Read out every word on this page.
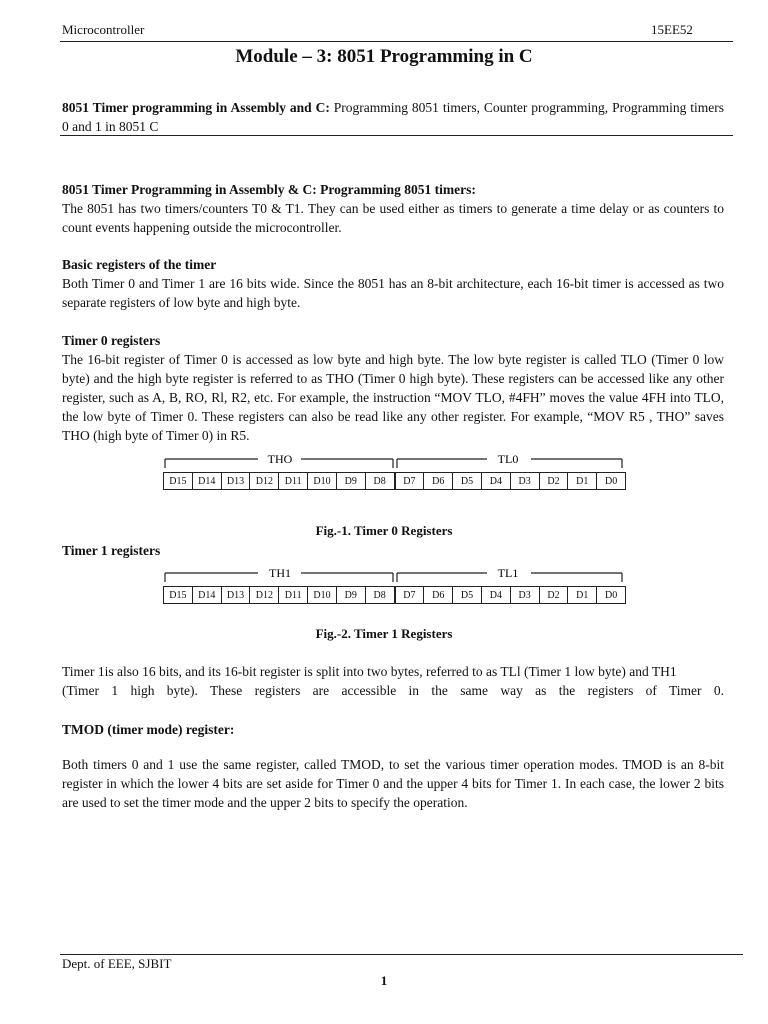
Microcontroller	15EE52
Module – 3: 8051 Programming in C
8051 Timer programming in Assembly and C: Programming 8051 timers, Counter programming, Programming timers 0 and 1 in 8051 C
8051 Timer Programming in Assembly & C: Programming 8051 timers:
The 8051 has two timers/counters T0 & T1. They can be used either as timers to generate a time delay or as counters to count events happening outside the microcontroller.
Basic registers of the timer
Both Timer 0 and Timer 1 are 16 bits wide. Since the 8051 has an 8-bit architecture, each 16-bit timer is accessed as two separate registers of low byte and high byte.
Timer 0 registers
The 16-bit register of Timer 0 is accessed as low byte and high byte. The low byte register is called TLO (Timer 0 low byte) and the high byte register is referred to as THO (Timer 0 high byte). These registers can be accessed like any other register, such as A, B, RO, Rl, R2, etc. For example, the instruction “MOV TLO, #4FH” moves the value 4FH into TLO, the low byte of Timer 0. These registers can also be read like any other register. For example, “MOV R5 , THO” saves THO (high byte of Timer 0) in R5.
THO	TL0
D15	D14	D13	D12	D11	D10	D9	D8	D7	D6	D5	D4	D3	D2	D1	D0
Fig.-1. Timer 0 Registers
Timer 1 registers
TH1	TL1
D15	D14	D13	D12	D11	D10	D9	D8	D7	D6	D5	D4	D3	D2	D1	D0
Fig.-2. Timer 1 Registers
Timer 1is also 16 bits, and its 16-bit register is split into two bytes, referred to as TLl (Timer 1 low byte) and TH1
(Timer 1 high byte). These registers are accessible in the same way as the registers of Timer 0.
TMOD (timer mode) register:
Both timers 0 and 1 use the same register, called TMOD, to set the various timer operation modes. TMOD is an 8-bit register in which the lower 4 bits are set aside for Timer 0 and the upper 4 bits for Timer 1. In each case, the lower 2 bits are used to set the timer mode and the upper 2 bits to specify the operation.
Dept. of EEE, SJBIT
1
